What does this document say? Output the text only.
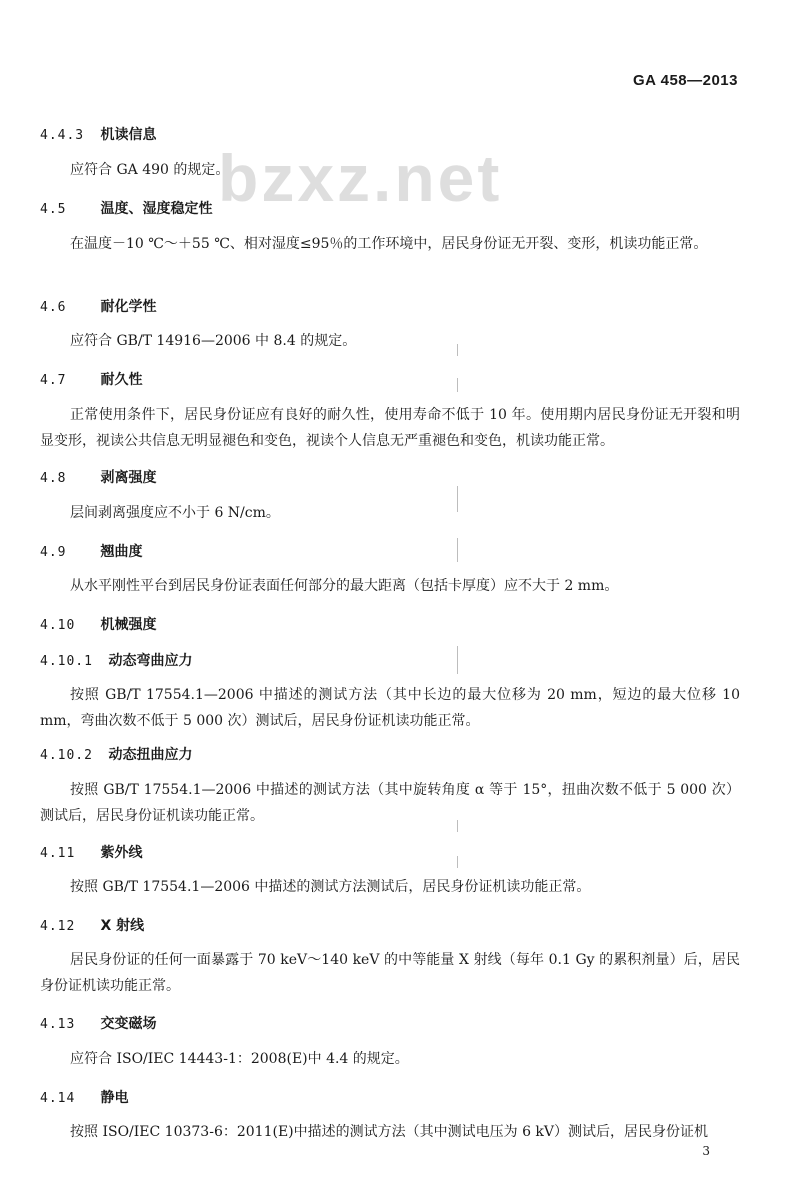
GA 458—2013
bzxz.net
4.4.3 机读信息
应符合 GA 490 的规定。
4.5 温度、湿度稳定性
在温度－10 ℃～＋55 ℃、相对湿度≤95％的工作环境中，居民身份证无开裂、变形，机读功能正常。
4.6 耐化学性
应符合 GB/T 14916—2006 中 8.4 的规定。
4.7 耐久性
正常使用条件下，居民身份证应有良好的耐久性，使用寿命不低于 10 年。使用期内居民身份证无开裂和明显变形，视读公共信息无明显褪色和变色，视读个人信息无严重褪色和变色，机读功能正常。
4.8 剥离强度
层间剥离强度应不小于 6 N/cm。
4.9 翘曲度
从水平刚性平台到居民身份证表面任何部分的最大距离（包括卡厚度）应不大于 2 mm。
4.10 机械强度
4.10.1 动态弯曲应力
按照 GB/T 17554.1—2006 中描述的测试方法（其中长边的最大位移为 20 mm，短边的最大位移 10 mm，弯曲次数不低于 5 000 次）测试后，居民身份证机读功能正常。
4.10.2 动态扭曲应力
按照 GB/T 17554.1—2006 中描述的测试方法（其中旋转角度 α 等于 15°，扭曲次数不低于 5 000 次）测试后，居民身份证机读功能正常。
4.11 紫外线
按照 GB/T 17554.1—2006 中描述的测试方法测试后，居民身份证机读功能正常。
4.12 X 射线
居民身份证的任何一面暴露于 70 keV～140 keV 的中等能量 X 射线（每年 0.1 Gy 的累积剂量）后，居民身份证机读功能正常。
4.13 交变磁场
应符合 ISO/IEC 14443-1：2008(E)中 4.4 的规定。
4.14 静电
按照 ISO/IEC 10373-6：2011(E)中描述的测试方法（其中测试电压为 6 kV）测试后，居民身份证机
3
